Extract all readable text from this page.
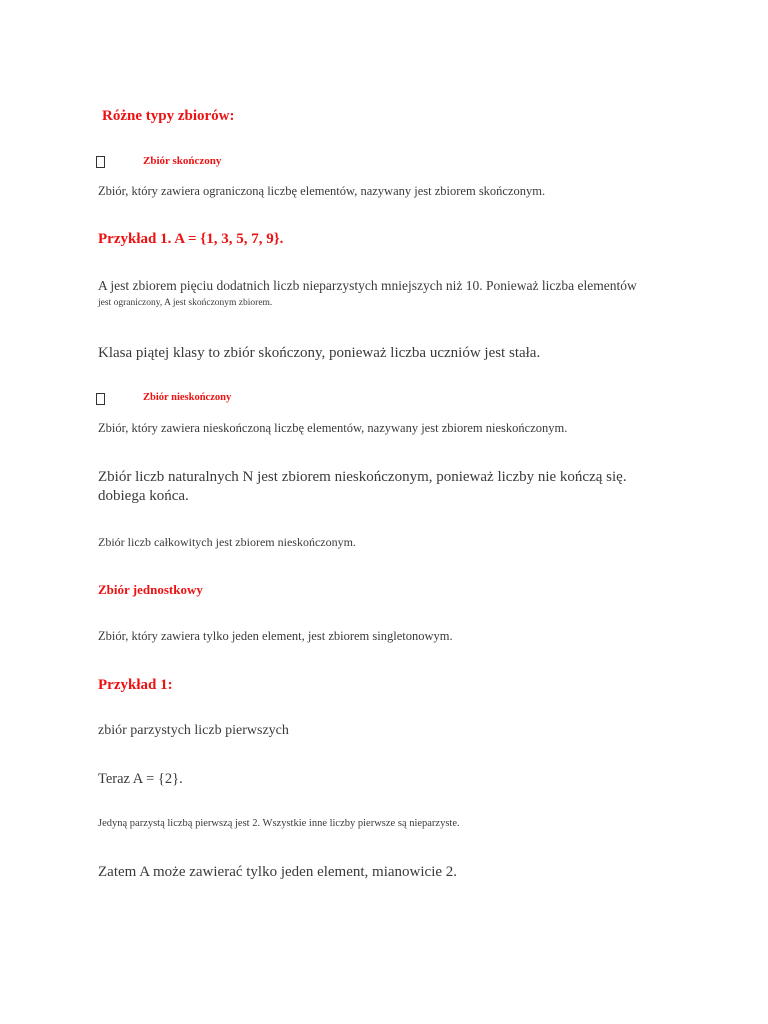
Różne typy zbiorów:
Zbiór skończony

Zbiór, który zawiera ograniczoną liczbę elementów, nazywany jest zbiorem skończonym.

Przykład 1. A = {1, 3, 5, 7, 9}.

A jest zbiorem pięciu dodatnich liczb nieparzystych mniejszych niż 10. Ponieważ liczba elementów

jest ograniczony, A jest skończonym zbiorem.

Klasa piątej klasy to zbiór skończony, ponieważ liczba uczniów jest stała.

Zbiór nieskończony

Zbiór, który zawiera nieskończoną liczbę elementów, nazywany jest zbiorem nieskończonym.

Zbiór liczb naturalnych N jest zbiorem nieskończonym, ponieważ liczby nie kończą się. dobiega końca.

Zbiór liczb całkowitych jest zbiorem nieskończonym.

Zbiór jednostkowy

Zbiór, który zawiera tylko jeden element, jest zbiorem singletonowym.

Przykład 1:

zbiór parzystych liczb pierwszych

Teraz A = {2}.

Jedyną parzystą liczbą pierwszą jest 2. Wszystkie inne liczby pierwsze są nieparzyste.

Zatem A może zawierać tylko jeden element, mianowicie 2.
